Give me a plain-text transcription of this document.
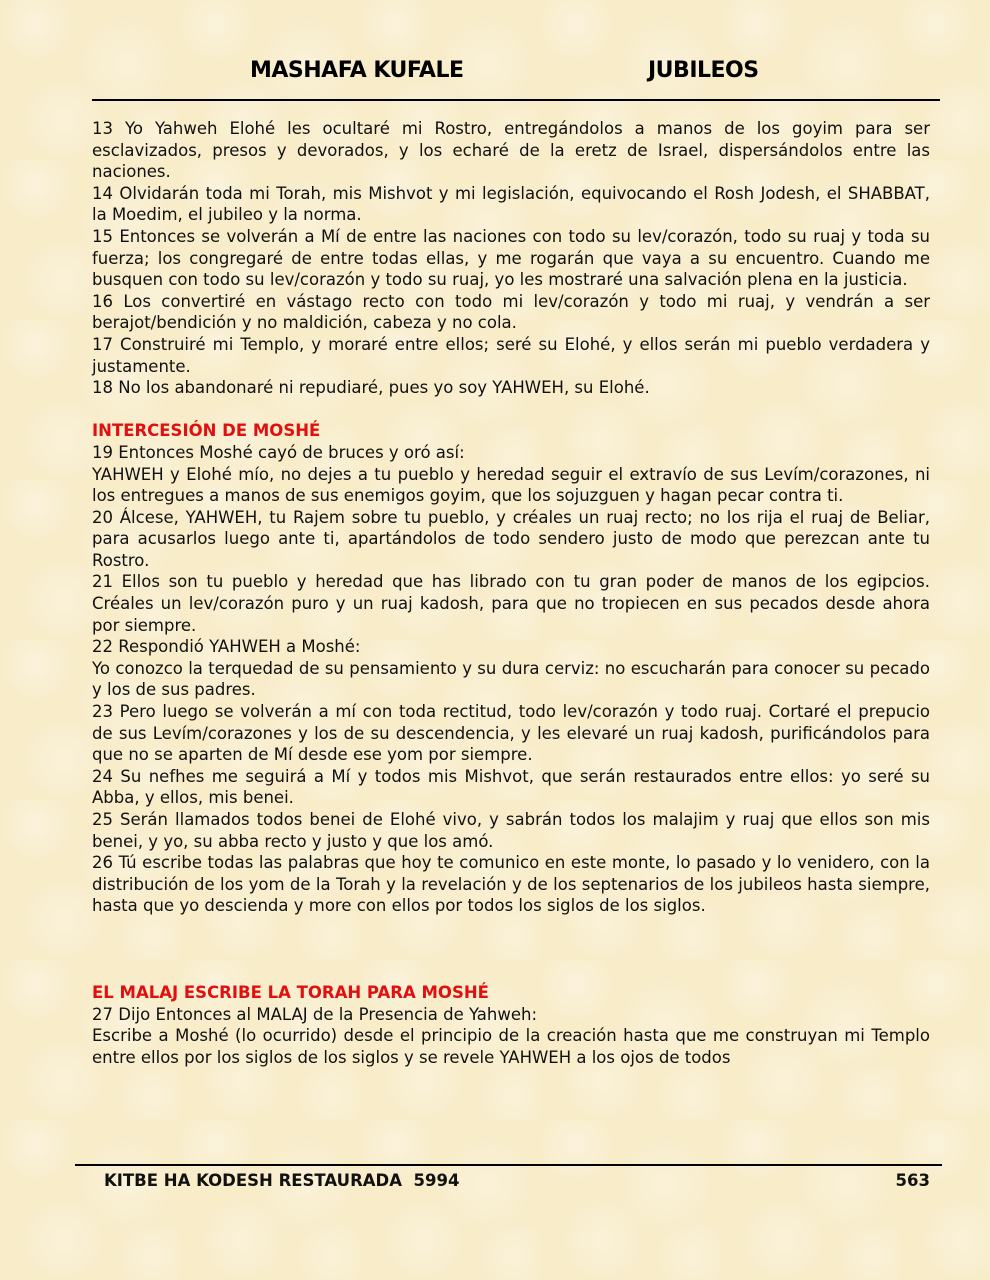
MASHAFA KUFALE	JUBILEOS

13 Yo Yahweh Elohé les ocultaré mi Rostro, entregándolos a manos de los goyim para ser esclavizados, presos y devorados, y los echaré de la eretz de Israel, dispersándolos entre las naciones.

14 Olvidarán toda mi Torah, mis Mishvot y mi legislación, equivocando el Rosh Jodesh, el SHABBAT, la Moedim, el jubileo y la norma.

15 Entonces se volverán a Mí de entre las naciones con todo su lev/corazón, todo su ruaj y toda su fuerza; los congregaré de entre todas ellas, y me rogarán que vaya a su encuentro. Cuando me busquen con todo su lev/corazón y todo su ruaj, yo les mostraré una salvación plena en la justicia.

16 Los convertiré en vástago recto con todo mi lev/corazón y todo mi ruaj, y vendrán a ser berajot/bendición y no maldición, cabeza y no cola.

17 Construiré mi Templo, y moraré entre ellos; seré su Elohé, y ellos serán mi pueblo verdadera y justamente.

18 No los abandonaré ni repudiaré, pues yo soy YAHWEH, su Elohé.

INTERCESIÓN DE MOSHÉ

19 Entonces Moshé cayó de bruces y oró así:

YAHWEH y Elohé mío, no dejes a tu pueblo y heredad seguir el extravío de sus Levím/corazones, ni los entregues a manos de sus enemigos goyim, que los sojuzguen y hagan pecar contra ti.

20 Álcese, YAHWEH, tu Rajem sobre tu pueblo, y créales un ruaj recto; no los rija el ruaj de Beliar, para acusarlos luego ante ti, apartándolos de todo sendero justo de modo que perezcan ante tu Rostro.

21 Ellos son tu pueblo y heredad que has librado con tu gran poder de manos de los egipcios. Créales un lev/corazón puro y un ruaj kadosh, para que no tropiecen en sus pecados desde ahora por siempre.

22 Respondió YAHWEH a Moshé:

Yo conozco la terquedad de su pensamiento y su dura cerviz: no escucharán para conocer su pecado y los de sus padres.

23 Pero luego se volverán a mí con toda rectitud, todo lev/corazón y todo ruaj. Cortaré el prepucio de sus Levím/corazones y los de su descendencia, y les elevaré un ruaj kadosh, purificándolos para que no se aparten de Mí desde ese yom por siempre.

24 Su nefhes me seguirá a Mí y todos mis Mishvot, que serán restaurados entre ellos: yo seré su Abba, y ellos, mis benei.

25 Serán llamados todos benei de Elohé vivo, y sabrán todos los malajim y ruaj que ellos son mis benei, y yo, su abba recto y justo y que los amó.

26 Tú escribe todas las palabras que hoy te comunico en este monte, lo pasado y lo venidero, con la distribución de los yom de la Torah y la revelación y de los septenarios de los jubileos hasta siempre, hasta que yo descienda y more con ellos por todos los siglos de los siglos.

EL MALAJ ESCRIBE LA TORAH PARA MOSHÉ

27 Dijo Entonces al MALAJ de la Presencia de Yahweh:

Escribe a Moshé (lo ocurrido) desde el principio de la creación hasta que me construyan mi Templo entre ellos por los siglos de los siglos y se revele YAHWEH a los ojos de todos

KITBE HA KODESH RESTAURADA  5994	563
